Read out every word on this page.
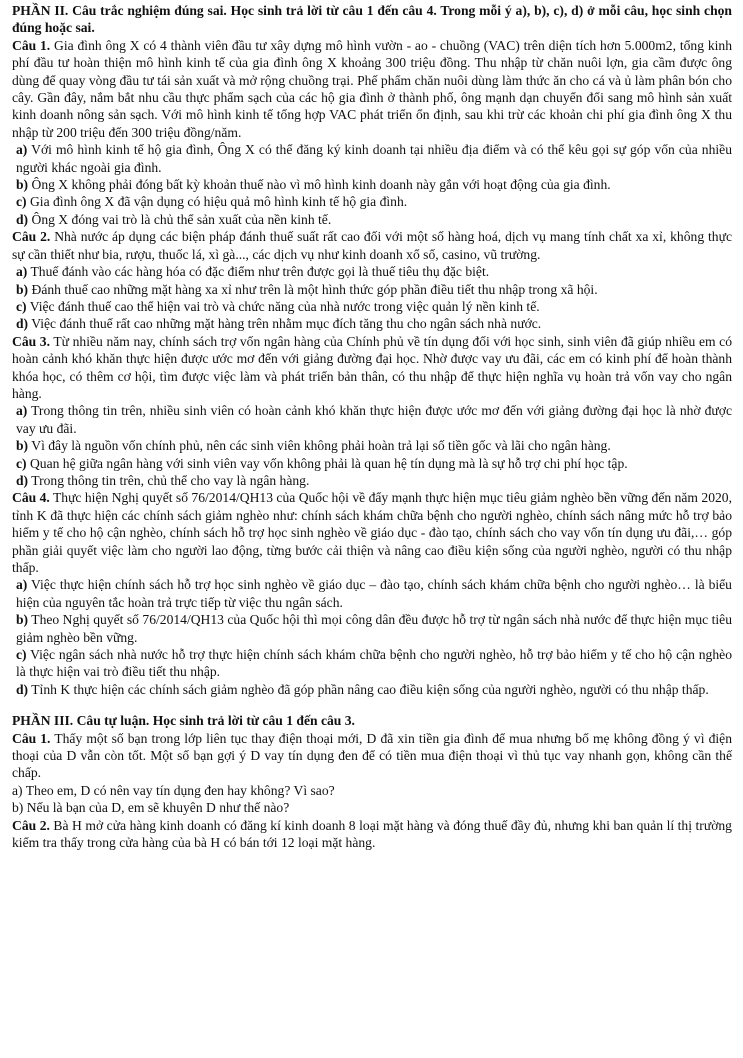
PHẦN II. Câu trắc nghiệm đúng sai. Học sinh trả lời từ câu 1 đến câu 4. Trong mỗi ý a), b), c), d) ở mỗi câu, học sinh chọn đúng hoặc sai.

Câu 1. Gia đình ông X có 4 thành viên đầu tư xây dựng mô hình vườn - ao - chuồng (VAC) trên diện tích hơn 5.000m2, tổng kinh phí đầu tư hoàn thiện mô hình kinh tế của gia đình ông X khoảng 300 triệu đồng. Thu nhập từ chăn nuôi lợn, gia cầm được ông dùng để quay vòng đầu tư tái sản xuất và mở rộng chuồng trại. Phế phẩm chăn nuôi dùng làm thức ăn cho cá và ủ làm phân bón cho cây. Gần đây, nắm bắt nhu cầu thực phẩm sạch của các hộ gia đình ở thành phố, ông mạnh dạn chuyển đổi sang mô hình sản xuất kinh doanh nông sản sạch. Với mô hình kinh tế tổng hợp VAC phát triển ổn định, sau khi trừ các khoản chi phí gia đình ông X thu nhập từ 200 triệu đến 300 triệu đồng/năm.

a) Với mô hình kinh tế hộ gia đình, Ông X có thể đăng ký kinh doanh tại nhiều địa điểm và có thể kêu gọi sự góp vốn của nhiều người khác ngoài gia đình.

b) Ông X không phải đóng bất kỳ khoản thuế nào vì mô hình kinh doanh này gắn với hoạt động của gia đình.

c) Gia đình ông X đã vận dụng có hiệu quả mô hình kinh tế hộ gia đình.

d) Ông X đóng vai trò là chủ thể sản xuất của nền kinh tế.

Câu 2. Nhà nước áp dụng các biện pháp đánh thuế suất rất cao đối với một số hàng hoá, dịch vụ mang tính chất xa xỉ, không thực sự cần thiết như bia, rượu, thuốc lá, xì gà..., các dịch vụ như kinh doanh xổ số, casino, vũ trường.

a) Thuế đánh vào các hàng hóa có đặc điểm như trên được gọi là thuế tiêu thụ đặc biệt.

b) Đánh thuế cao những mặt hàng xa xỉ như trên là một hình thức góp phần điều tiết thu nhập trong xã hội.

c) Việc đánh thuế cao thể hiện vai trò và chức năng của nhà nước trong việc quản lý nền kinh tế.

d) Việc đánh thuế rất cao những mặt hàng trên nhằm mục đích tăng thu cho ngân sách nhà nước.

Câu 3. Từ nhiều năm nay, chính sách trợ vốn ngân hàng của Chính phủ về tín dụng đối với học sinh, sinh viên đã giúp nhiều em có hoàn cảnh khó khăn thực hiện được ước mơ đến với giảng đường đại học. Nhờ được vay ưu đãi, các em có kinh phí để hoàn thành khóa học, có thêm cơ hội, tìm được việc làm và phát triển bản thân, có thu nhập để thực hiện nghĩa vụ hoàn trả vốn vay cho ngân hàng.

a) Trong thông tin trên, nhiều sinh viên có hoàn cảnh khó khăn thực hiện được ước mơ đến với giảng đường đại học là nhờ được vay ưu đãi.

b) Vì đây là nguồn vốn chính phủ, nên các sinh viên không phải hoàn trả lại số tiền gốc và lãi cho ngân hàng.

c) Quan hệ giữa ngân hàng với sinh viên vay vốn không phải là quan hệ tín dụng mà là sự hỗ trợ chi phí học tập.

d) Trong thông tin trên, chủ thể cho vay là ngân hàng.

Câu 4. Thực hiện Nghị quyết số 76/2014/QH13 của Quốc hội về đẩy mạnh thực hiện mục tiêu giảm nghèo bền vững đến năm 2020, tỉnh K đã thực hiện các chính sách giảm nghèo như: chính sách khám chữa bệnh cho người nghèo, chính sách nâng mức hỗ trợ bảo hiểm y tế cho hộ cận nghèo, chính sách hỗ trợ học sinh nghèo về giáo dục - đào tạo, chính sách cho vay vốn tín dụng ưu đãi,… góp phần giải quyết việc làm cho người lao động, từng bước cải thiện và nâng cao điều kiện sống của người nghèo, người có thu nhập thấp.

a) Việc thực hiện chính sách hỗ trợ học sinh nghèo về giáo dục – đào tạo, chính sách khám chữa bệnh cho người nghèo… là biểu hiện của nguyên tắc hoàn trả trực tiếp từ việc thu ngân sách.

b) Theo Nghị quyết số 76/2014/QH13 của Quốc hội thì mọi công dân đều được hỗ trợ từ ngân sách nhà nước để thực hiện mục tiêu giảm nghèo bền vững.

c) Việc ngân sách nhà nước hỗ trợ thực hiện chính sách khám chữa bệnh cho người nghèo, hỗ trợ bảo hiểm y tế cho hộ cận nghèo là thực hiện vai trò điều tiết thu nhập.

d) Tỉnh K thực hiện các chính sách giảm nghèo đã góp phần nâng cao điều kiện sống của người nghèo, người có thu nhập thấp.

PHẦN III. Câu tự luận. Học sinh trả lời từ câu 1 đến câu 3.

Câu 1. Thấy một số bạn trong lớp liên tục thay điện thoại mới, D đã xin tiền gia đình để mua nhưng bố mẹ không đồng ý vì điện thoại của D vẫn còn tốt. Một số bạn gợi ý D vay tín dụng đen để có tiền mua điện thoại vì thủ tục vay nhanh gọn, không cần thế chấp.

a) Theo em, D có nên vay tín dụng đen hay không? Vì sao?

b) Nếu là bạn của D, em sẽ khuyên D như thế nào?

Câu 2. Bà H mở cửa hàng kinh doanh có đăng kí kinh doanh 8 loại mặt hàng và đóng thuế đầy đủ, nhưng khi ban quản lí thị trường kiểm tra thấy trong cửa hàng của bà H có bán tới 12 loại mặt hàng.
